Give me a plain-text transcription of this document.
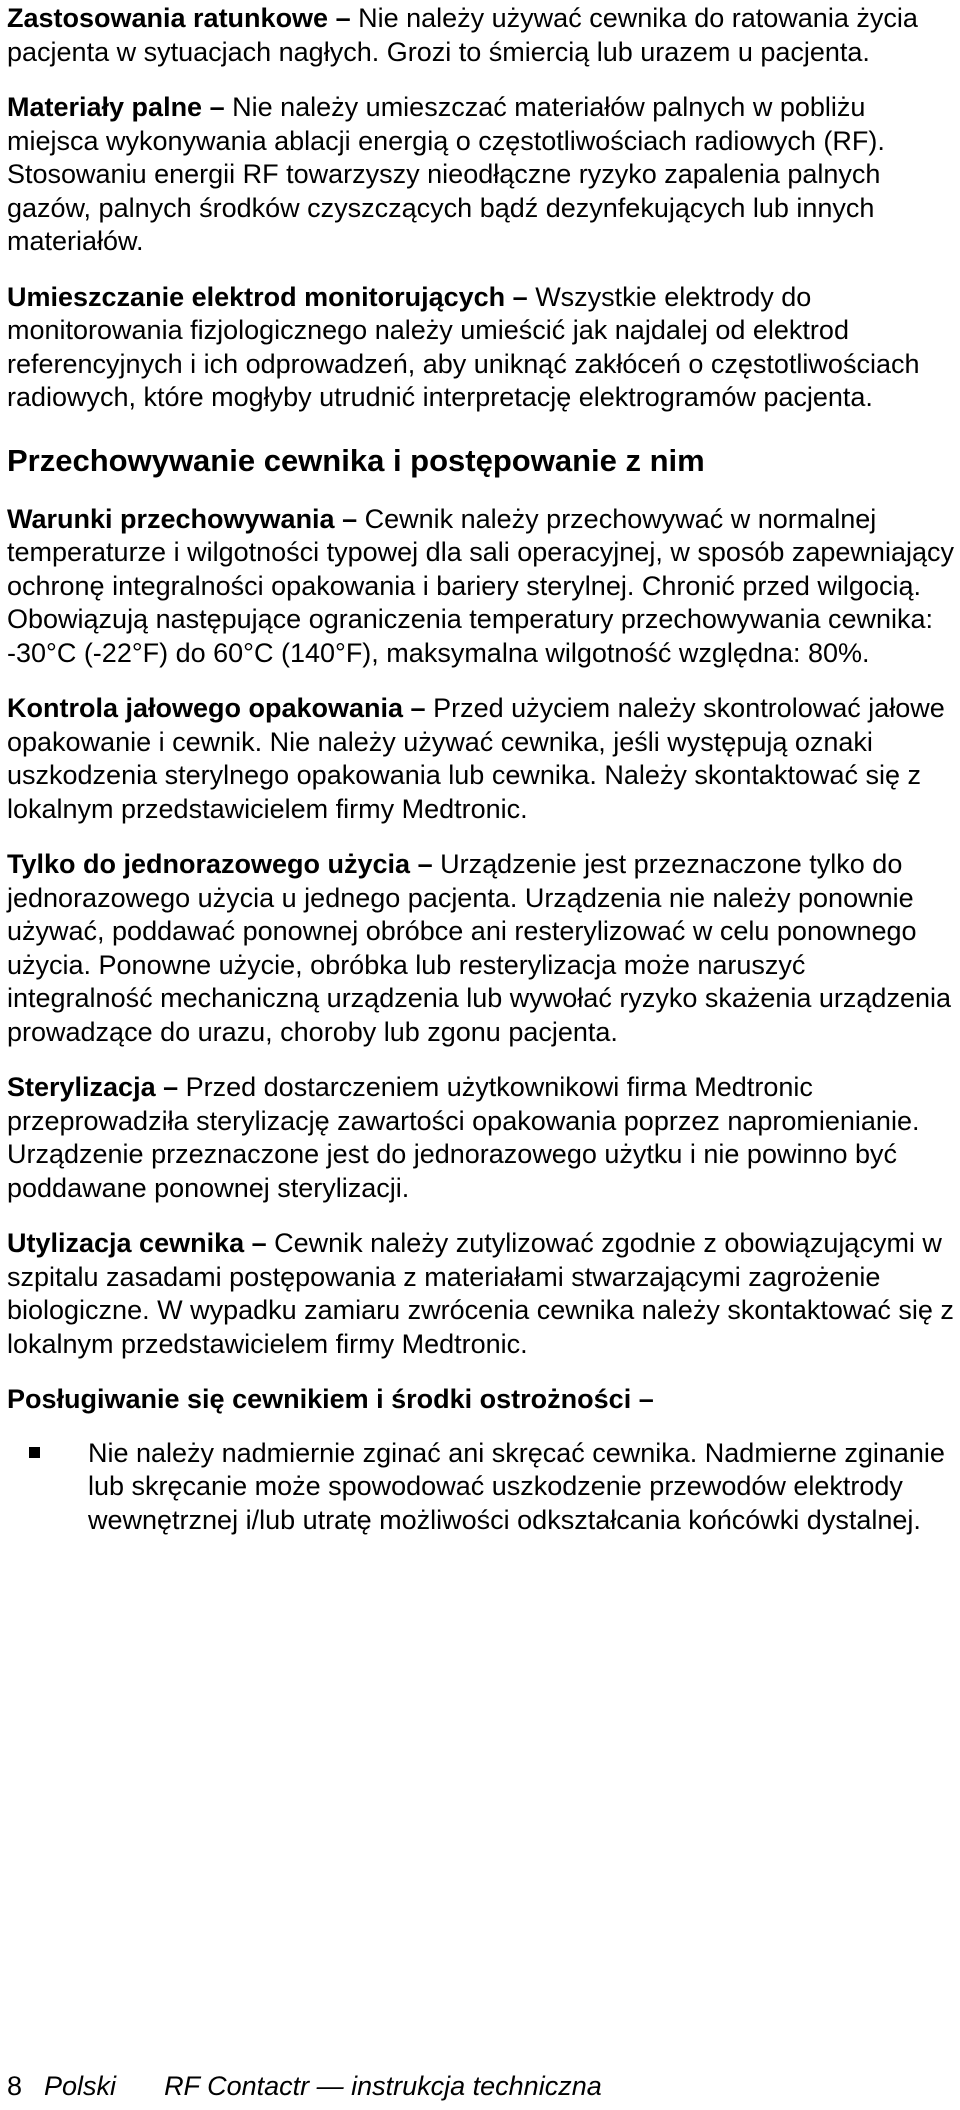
Zastosowania ratunkowe – Nie należy używać cewnika do ratowania życia pacjenta w sytuacjach nagłych. Grozi to śmiercią lub urazem u pacjenta.

Materiały palne – Nie należy umieszczać materiałów palnych w pobliżu miejsca wykonywania ablacji energią o częstotliwościach radiowych (RF). Stosowaniu energii RF towarzyszy nieodłączne ryzyko zapalenia palnych gazów, palnych środków czyszczących bądź dezynfekujących lub innych materiałów.

Umieszczanie elektrod monitorujących – Wszystkie elektrody do monitorowania fizjologicznego należy umieścić jak najdalej od elektrod referencyjnych i ich odprowadzeń, aby uniknąć zakłóceń o częstotliwościach radiowych, które mogłyby utrudnić interpretację elektrogramów pacjenta.

Przechowywanie cewnika i postępowanie z nim

Warunki przechowywania – Cewnik należy przechowywać w normalnej temperaturze i wilgotności typowej dla sali operacyjnej, w sposób zapewniający ochronę integralności opakowania i bariery sterylnej. Chronić przed wilgocią. Obowiązują następujące ograniczenia temperatury przechowywania cewnika: -30°C (-22°F) do 60°C (140°F), maksymalna wilgotność względna: 80%.

Kontrola jałowego opakowania – Przed użyciem należy skontrolować jałowe opakowanie i cewnik. Nie należy używać cewnika, jeśli występują oznaki uszkodzenia sterylnego opakowania lub cewnika. Należy skontaktować się z lokalnym przedstawicielem firmy Medtronic.

Tylko do jednorazowego użycia – Urządzenie jest przeznaczone tylko do jednorazowego użycia u jednego pacjenta. Urządzenia nie należy ponownie używać, poddawać ponownej obróbce ani resterylizować w celu ponownego użycia. Ponowne użycie, obróbka lub resterylizacja może naruszyć integralność mechaniczną urządzenia lub wywołać ryzyko skażenia urządzenia prowadzące do urazu, choroby lub zgonu pacjenta.

Sterylizacja – Przed dostarczeniem użytkownikowi firma Medtronic przeprowadziła sterylizację zawartości opakowania poprzez napromienianie. Urządzenie przeznaczone jest do jednorazowego użytku i nie powinno być poddawane ponownej sterylizacji.

Utylizacja cewnika – Cewnik należy zutylizować zgodnie z obowiązującymi w szpitalu zasadami postępowania z materiałami stwarzającymi zagrożenie biologiczne. W wypadku zamiaru zwrócenia cewnika należy skontaktować się z lokalnym przedstawicielem firmy Medtronic.

Posługiwanie się cewnikiem i środki ostrożności –

Nie należy nadmiernie zginać ani skręcać cewnika. Nadmierne zginanie lub skręcanie może spowodować uszkodzenie przewodów elektrody wewnętrznej i/lub utratę możliwości odkształcania końcówki dystalnej.
8 Polski RF Contactr — instrukcja techniczna
